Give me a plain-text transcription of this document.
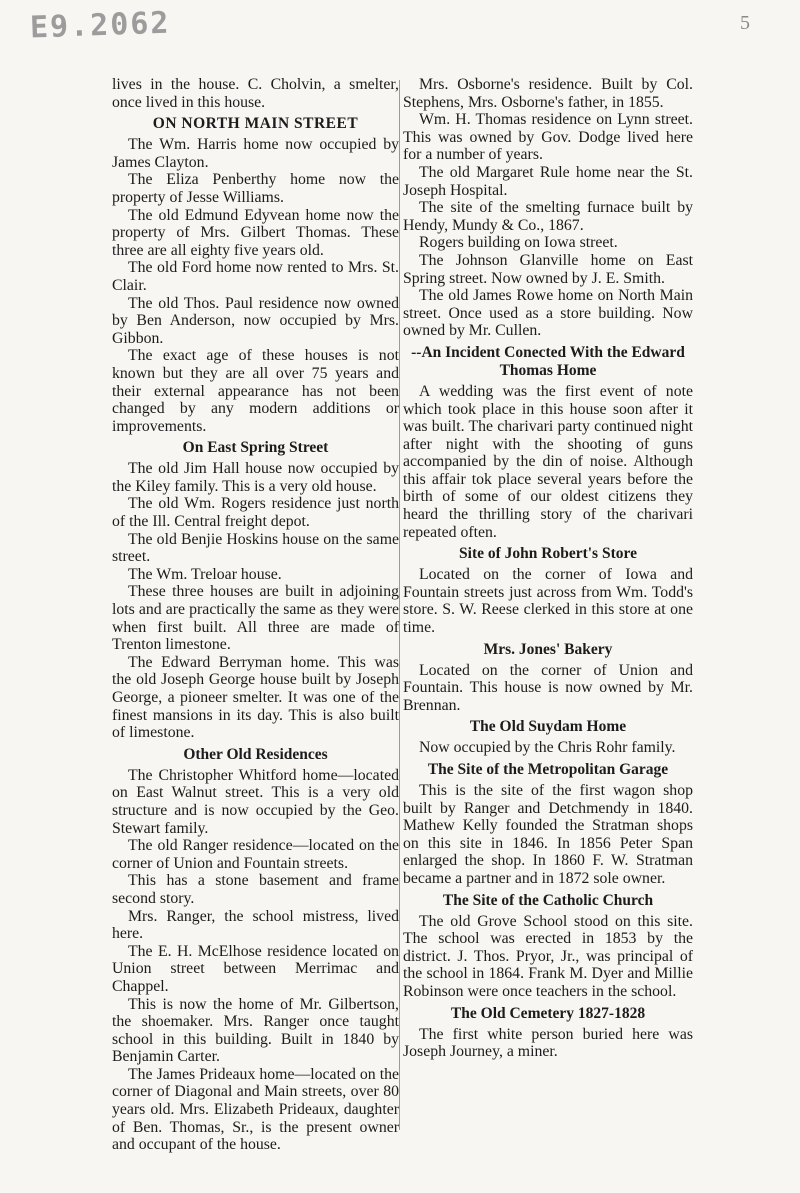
E9.2062	5

lives in the house. C. Cholvin, a smelter, once lived in this house.

ON NORTH MAIN STREET

The Wm. Harris home now occupied by James Clayton.

The Eliza Penberthy home now the property of Jesse Williams.

The old Edmund Edyvean home now the property of Mrs. Gilbert Thomas. These three are all eighty five years old.

The old Ford home now rented to Mrs. St. Clair.

The old Thos. Paul residence now owned by Ben Anderson, now occupied by Mrs. Gibbon.

The exact age of these houses is not known but they are all over 75 years and their external appearance has not been changed by any modern additions or improvements.

On East Spring Street

The old Jim Hall house now occupied by the Kiley family. This is a very old house.

The old Wm. Rogers residence just north of the Ill. Central freight depot.

The old Benjie Hoskins house on the same street.

The Wm. Treloar house.

These three houses are built in adjoining lots and are practically the same as they were when first built. All three are made of Trenton limestone.

The Edward Berryman home. This was the old Joseph George house built by Joseph George, a pioneer smelter. It was one of the finest mansions in its day. This is also built of limestone.

Other Old Residences

The Christopher Whitford home—located on East Walnut street. This is a very old structure and is now occupied by the Geo. Stewart family.

The old Ranger residence—located on the corner of Union and Fountain streets.

This has a stone basement and frame second story.

Mrs. Ranger, the school mistress, lived here.

The E. H. McElhose residence located on Union street between Merrimac and Chappel.

This is now the home of Mr. Gilbertson, the shoemaker. Mrs. Ranger once taught school in this building. Built in 1840 by Benjamin Carter.

The James Prideaux home—located on the corner of Diagonal and Main streets, over 80 years old. Mrs. Elizabeth Prideaux, daughter of Ben. Thomas, Sr., is the present owner and occupant of the house.

Mrs. Osborne's residence. Built by Col. Stephens, Mrs. Osborne's father, in 1855.

Wm. H. Thomas residence on Lynn street. This was owned by Gov. Dodge lived here for a number of years.

The old Margaret Rule home near the St. Joseph Hospital.

The site of the smelting furnace built by Hendy, Mundy & Co., 1867.

Rogers building on Iowa street.

The Johnson Glanville home on East Spring street. Now owned by J. E. Smith.

The old James Rowe home on North Main street. Once used as a store building. Now owned by Mr. Cullen.

--An Incident Conected With the Edward Thomas Home

A wedding was the first event of note which took place in this house soon after it was built. The charivari party continued night after night with the shooting of guns accompanied by the din of noise. Although this affair tok place several years before the birth of some of our oldest citizens they heard the thrilling story of the charivari repeated often.

Site of John Robert's Store

Located on the corner of Iowa and Fountain streets just across from Wm. Todd's store. S. W. Reese clerked in this store at one time.

Mrs. Jones' Bakery

Located on the corner of Union and Fountain. This house is now owned by Mr. Brennan.

The Old Suydam Home

Now occupied by the Chris Rohr family.

The Site of the Metropolitan Garage

This is the site of the first wagon shop built by Ranger and Detchmendy in 1840. Mathew Kelly founded the Stratman shops on this site in 1846. In 1856 Peter Span enlarged the shop. In 1860 F. W. Stratman became a partner and in 1872 sole owner.

The Site of the Catholic Church

The old Grove School stood on this site. The school was erected in 1853 by the district. J. Thos. Pryor, Jr., was principal of the school in 1864. Frank M. Dyer and Millie Robinson were once teachers in the school.

The Old Cemetery 1827-1828

The first white person buried here was Joseph Journey, a miner.
